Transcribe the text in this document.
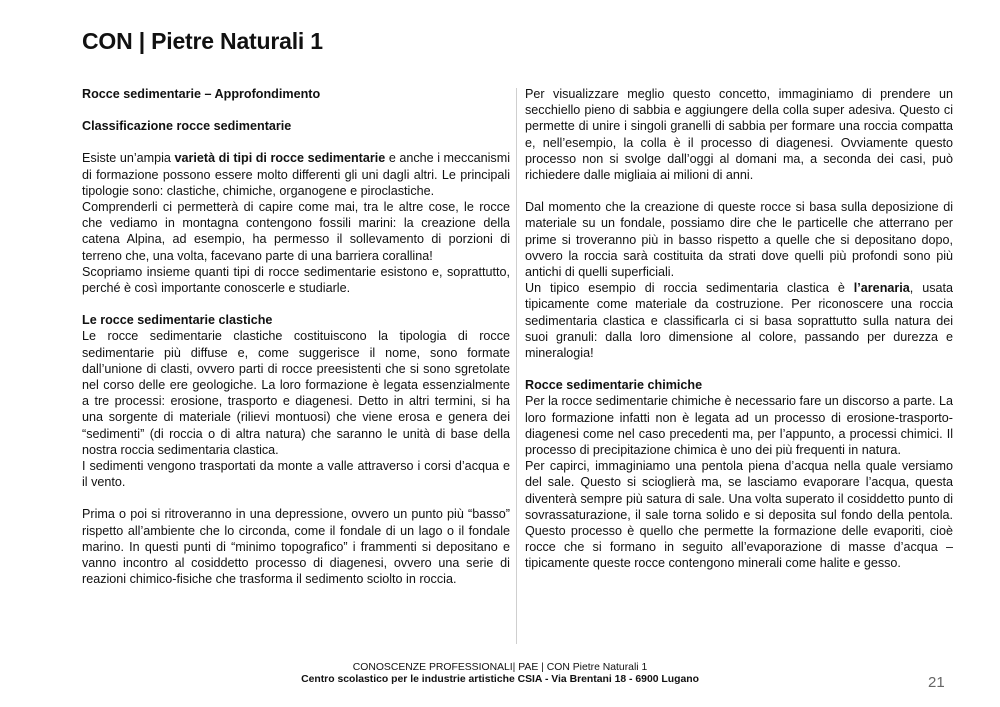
CON | Pietre Naturali 1

Rocce sedimentarie – Approfondimento

Classificazione rocce sedimentarie

Esiste un’ampia varietà di tipi di rocce sedimentarie e anche i meccanismi di formazione possono essere molto differenti gli uni dagli altri. Le principali tipologie sono: clastiche, chimiche, organogene e piroclastiche.

Comprenderli ci permetterà di capire come mai, tra le altre cose, le rocce che vediamo in montagna contengono fossili marini: la creazione della catena Alpina, ad esempio, ha permesso il sollevamento di porzioni di terreno che, una volta, facevano parte di una barriera corallina!

Scopriamo insieme quanti tipi di rocce sedimentarie esistono e, soprattutto, perché è così importante conoscerle e studiarle.

Le rocce sedimentarie clastiche

Le rocce sedimentarie clastiche costituiscono la tipologia di rocce sedimentarie più diffuse e, come suggerisce il nome, sono formate dall’unione di clasti, ovvero parti di rocce preesistenti che si sono sgretolate nel corso delle ere geologiche. La loro formazione è legata essenzialmente a tre processi: erosione, trasporto e diagenesi. Detto in altri termini, si ha una sorgente di materiale (rilievi montuosi) che viene erosa e genera dei “sedimenti” (di roccia o di altra natura) che saranno le unità di base della nostra roccia sedimentaria clastica.

I sedimenti vengono trasportati da monte a valle attraverso i corsi d’acqua e il vento.

Prima o poi si ritroveranno in una depressione, ovvero un punto più “basso” rispetto all’ambiente che lo circonda, come il fondale di un lago o il fondale marino. In questi punti di “minimo topografico” i frammenti si depositano e vanno incontro al cosiddetto processo di diagenesi, ovvero una serie di reazioni chimico-fisiche che trasforma il sedimento sciolto in roccia.

Per visualizzare meglio questo concetto, immaginiamo di prendere un secchiello pieno di sabbia e aggiungere della colla super adesiva. Questo ci permette di unire i singoli granelli di sabbia per formare una roccia compatta e, nell’esempio, la colla è il processo di diagenesi. Ovviamente questo processo non si svolge dall’oggi al domani ma, a seconda dei casi, può richiedere dalle migliaia ai milioni di anni.

Dal momento che la creazione di queste rocce si basa sulla deposizione di materiale su un fondale, possiamo dire che le particelle che atterrano per prime si troveranno più in basso rispetto a quelle che si depositano dopo, ovvero la roccia sarà costituita da strati dove quelli più profondi sono più antichi di quelli superficiali.

Un tipico esempio di roccia sedimentaria clastica è l’arenaria, usata tipicamente come materiale da costruzione. Per riconoscere una roccia sedimentaria clastica e classificarla ci si basa soprattutto sulla natura dei suoi granuli: dalla loro dimensione al colore, passando per durezza e mineralogia!

Rocce sedimentarie chimiche

Per la rocce sedimentarie chimiche è necessario fare un discorso a parte. La loro formazione infatti non è legata ad un processo di erosione-trasporto-diagenesi come nel caso precedenti ma, per l’appunto, a processi chimici. Il processo di precipitazione chimica è uno dei più frequenti in natura.

Per capirci, immaginiamo una pentola piena d’acqua nella quale versiamo del sale. Questo si scioglierà ma, se lasciamo evaporare l’acqua, questa diventerà sempre più satura di sale. Una volta superato il cosiddetto punto di sovrassaturazione, il sale torna solido e si deposita sul fondo della pentola. Questo processo è quello che permette la formazione delle evaporiti, cioè rocce che si formano in seguito all’evaporazione di masse d’acqua – tipicamente queste rocce contengono minerali come halite e gesso.

CONOSCENZE PROFESSIONALI| PAE | CON Pietre Naturali 1
Centro scolastico per le industrie artistiche CSIA - Via Brentani 18 - 6900 Lugano	21
